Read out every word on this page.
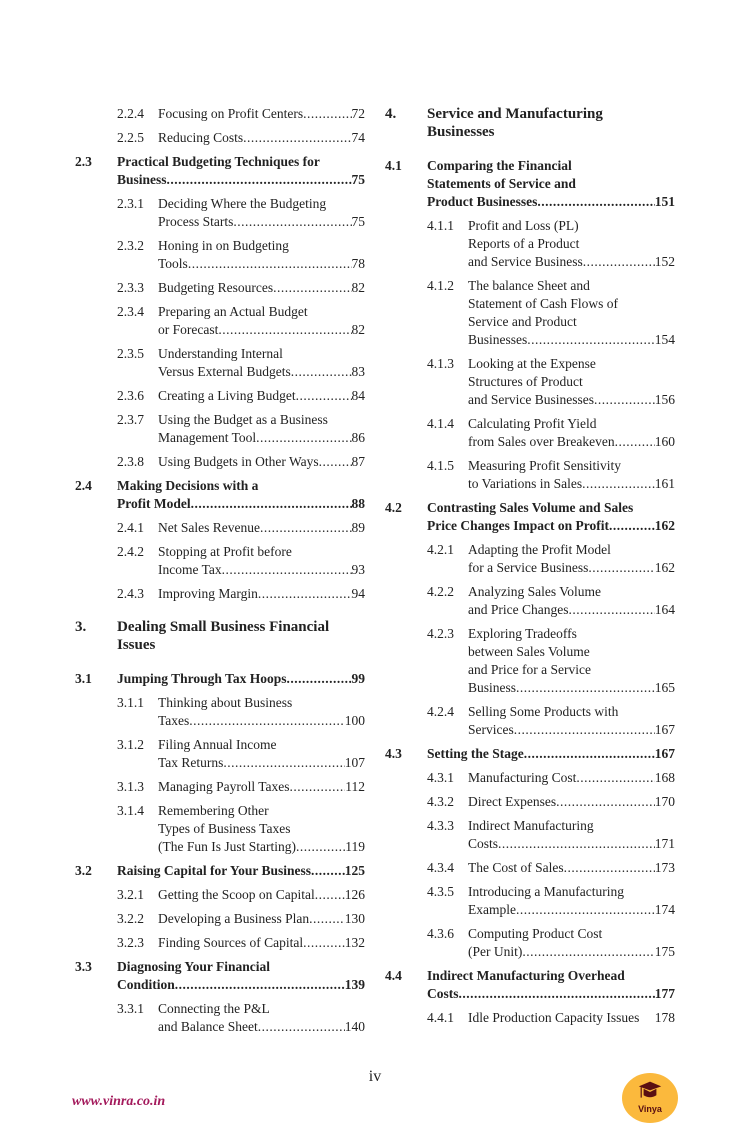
2.2.4 Focusing on Profit Centers .....	72
2.2.5 Reducing Costs .....	74
2.3 Practical Budgeting Techniques for
Business .....	75
2.3.1 Deciding Where the Budgeting
Process Starts .....	75
2.3.2 Honing in on Budgeting
Tools .....	78
2.3.3 Budgeting Resources .....	82
2.3.4 Preparing an Actual Budget
or Forecast .....	82
2.3.5 Understanding Internal
Versus External Budgets .....	83
2.3.6 Creating a Living Budget .....	84
2.3.7 Using the Budget as a Business
Management Tool .....	86
2.3.8 Using Budgets in Other Ways ..... 87
2.4 Making Decisions with a
Profit Model .....	88
2.4.1 Net Sales Revenue .....	89
2.4.2 Stopping at Profit before
Income Tax .....	93
2.4.3 Improving Margin .....	94
3. Dealing Small Business Financial
Issues
3.1 Jumping Through Tax Hoops .....	99
3.1.1 Thinking about Business
Taxes .....	100
3.1.2 Filing Annual Income
Tax Returns .....	107
3.1.3 Managing Payroll Taxes .....	112
3.1.4 Remembering Other
Types of Business Taxes
(The Fun Is Just Starting) .....	119
3.2 Raising Capital for Your Business ..... 125
3.2.1 Getting the Scoop on Capital ..... 126
3.2.2 Developing a Business Plan .....	130
3.2.3 Finding Sources of Capital .....	132
3.3 Diagnosing Your Financial
Condition .....	139
3.3.1 Connecting the P&L
and Balance Sheet .....	140
4. Service and Manufacturing
Businesses
4.1 Comparing the Financial
Statements of Service and
Product Businesses .....	151
4.1.1 Profit and Loss (PL)
Reports of a Product
and Service Business .....	152
4.1.2 The balance Sheet and
Statement of Cash Flows of
Service and Product
Businesses .....	154
4.1.3 Looking at the Expense
Structures of Product
and Service Businesses .....	156
4.1.4 Calculating Profit Yield
from Sales over Breakeven .....	160
4.1.5 Measuring Profit Sensitivity
to Variations in Sales .....	161
4.2 Contrasting Sales Volume and Sales
Price Changes Impact on Profit .....	162
4.2.1 Adapting the Profit Model
for a Service Business .....	162
4.2.2 Analyzing Sales Volume
and Price Changes .....	164
4.2.3 Exploring Tradeoffs
between Sales Volume
and Price for a Service
Business .....	165
4.2.4 Selling Some Products with
Services .....	167
4.3 Setting the Stage .....	167
4.3.1 Manufacturing Cost .....	168
4.3.2 Direct Expenses .....	170
4.3.3 Indirect Manufacturing
Costs .....	171
4.3.4 The Cost of Sales .....	173
4.3.5 Introducing a Manufacturing
Example .....	174
4.3.6 Computing Product Cost
(Per Unit) .....	175
4.4 Indirect Manufacturing Overhead
Costs .....	177
4.4.1 Idle Production Capacity Issues 178
iv
www.vinra.co.in	Vinya
